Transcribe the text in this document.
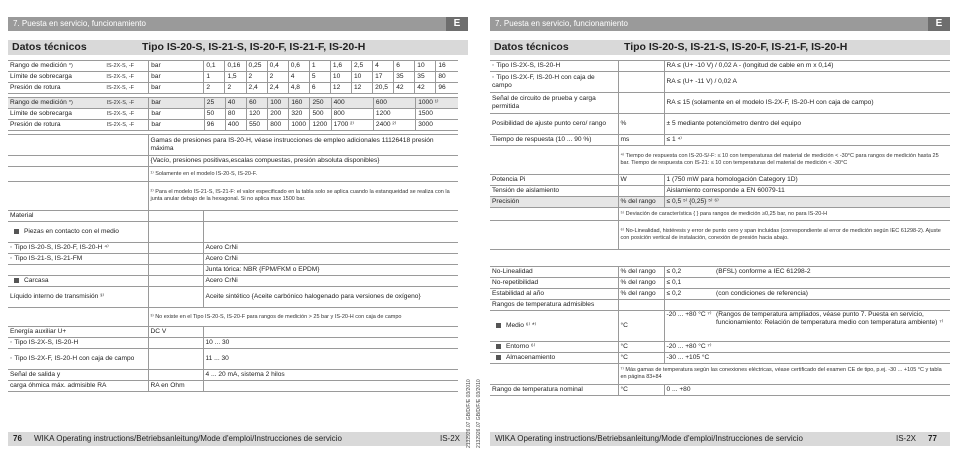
7. Puesta en servicio, funcionamiento	E
Datos técnicos	Tipo IS-20-S, IS-21-S, IS-20-F, IS-21-F, IS-20-H
Rango de medición *)	IS-2X-S, -F	bar	0,1	0,16	0,25	0,4	0,6	1	1,6	2,5	4	6	10	16
Límite de sobrecarga	IS-2X-S, -F	bar	1	1,5	2	2	4	5	10	10	17	35	35	80
Presión de rotura	IS-2X-S, -F	bar	2	2	2,4	2,4	4,8	6	12	12	20,5	42	42	96
Rango de medición *)	IS-2X-S, -F	bar	25	40	60	100	160	250	400	600	1000 ¹⁾
Límite de sobrecarga	IS-2X-S, -F	bar	50	80	120	200	320	500	800	1200	1500
Presión de rotura	IS-2X-S, -F	bar	96	400	550	800	1000	1200	1700 ²⁾	2400 ²⁾	3000
	Gamas de presiones para IS-20-H, véase instrucciones de empleo adicionales 11126418 presión máxima	
	{Vacío, presiones positivas,escalas compuestas, presión absoluta disponibles}	
	¹⁾ Solamente en el modelo IS-20-S, IS-20-F.	
	²⁾ Para el modelo IS-21-S, IS-21-F: el valor especificado en la tabla solo se aplica cuando la estanqueidad se realiza con la junta anular debajo de la hexagonal. Si no aplica max 1500 bar.	
Material		
Piezas en contacto con el medio		
◦ Tipo IS-20-S, IS-20-F, IS-20-H ⁴⁾		Acero CrNi
◦ Tipo IS-21-S, IS-21-FM		Acero CrNi
		Junta tórica: NBR {FPM/FKM o EPDM}
Carcasa		Acero CrNi
Líquido interno de transmisión ³⁾		Aceite sintético {Aceite carbónico halogenado para versiones de oxígeno}
	³⁾ No existe en el Tipo IS-20-S, IS-20-F para rangos de medición > 25 bar y IS-20-H con caja de campo	
Energía auxiliar U+	DC V	
◦ Tipo IS-2X-S, IS-20-H		10 ... 30
◦ Tipo IS-2X-F, IS-20-H con caja de campo		11 ... 30
Señal de salida y		4 ... 20 mA, sistema 2 hilos
carga óhmica máx. admisible RA	RA en Ohm	
76 WIKA Operating instructions/Betriebsanleitung/Mode d'emploi/Instrucciones de servicio	IS-2X 2132926.07 GB/D/F/E 03/2010 2132926.07 GB/D/F/E 03/2010
7. Puesta en servicio, funcionamiento	E
Datos técnicos	Tipo IS-20-S, IS-21-S, IS-20-F, IS-21-F, IS-20-H
◦ Tipo IS-2X-S, IS-20-H		RA ≤ (U+ -10 V) / 0,02 A - (longitud de cable en m x 0,14)
◦ Tipo IS-2X-F, IS-20-H con caja de campo		RA ≤ (U+ -11 V) / 0,02 A
Señal de circuito de prueba y carga permitida		RA ≤ 15 (solamente en el modelo IS-2X-F, IS-20-H con caja de campo)
Posibilidad de ajuste punto cero/ rango	%	± 5 mediante potenciómetro dentro del equipo
Tiempo de respuesta (10 ... 90 %)	ms	≤ 1 ⁴⁾
	⁴⁾ Tiempo de respuesta con IS-20-S/-F: ≤ 10 con temperaturas del material de medición < -30°C para rangos de medición hasta 25 bar. Tiempo de respuesta con IS-21: ≤ 10 con temperaturas del material de medición < -30°C	
Potencia Pi	W	1 (750 mW para homologación Category 1D)
Tensión de aislamiento		Aislamiento corresponde a EN 60079-11
Precisión	% del rango	≤ 0,5 ⁵⁾ {0,25} ⁵⁾ ⁶⁾
	⁵⁾ Deviación de característica { } para rangos de medición ≥0,25 bar, no para IS-20-H	
	⁶⁾ No-Linealidad, histéresis y error de punto cero y span incluidas (correspondiente al error de medición según IEC 61298-2). Ajuste con posición vertical de instalación, conexión de presión hacia abajo.	
No-Linealidad	% del rango	≤ 0,2	(BFSL) conforme a IEC 61298-2
No-repetibilidad	% del rango	≤ 0,1	
Estabilidad al año	% del rango	≤ 0,2	(con condiciones de referencia)
Rangos de temperatura admisibles			
Medio ⁶⁾ *⁾	°C	-20 ... +80 °C ⁷⁾	(Rangos de temperatura ampliados, véase punto 7. Puesta en servicio, funcionamiento: Relación de temperatura medio con temperatura ambiente) ⁷⁾
Entorno ⁶⁾	°C	-20 ... +80 °C ⁷⁾	
Almacenamiento	°C	-30 ... +105 °C	
	⁷⁾ Más gamas de temperatura según las conexiones eléctricas, véase certificado del examen CE de tipo, p.ej. -30 ... +105 °C y tabla en página 83+84		
Rango de temperatura nominal	°C	0 ... +80	
WIKA Operating instructions/Betriebsanleitung/Mode d'emploi/Instrucciones de servicio	IS-2X 77
